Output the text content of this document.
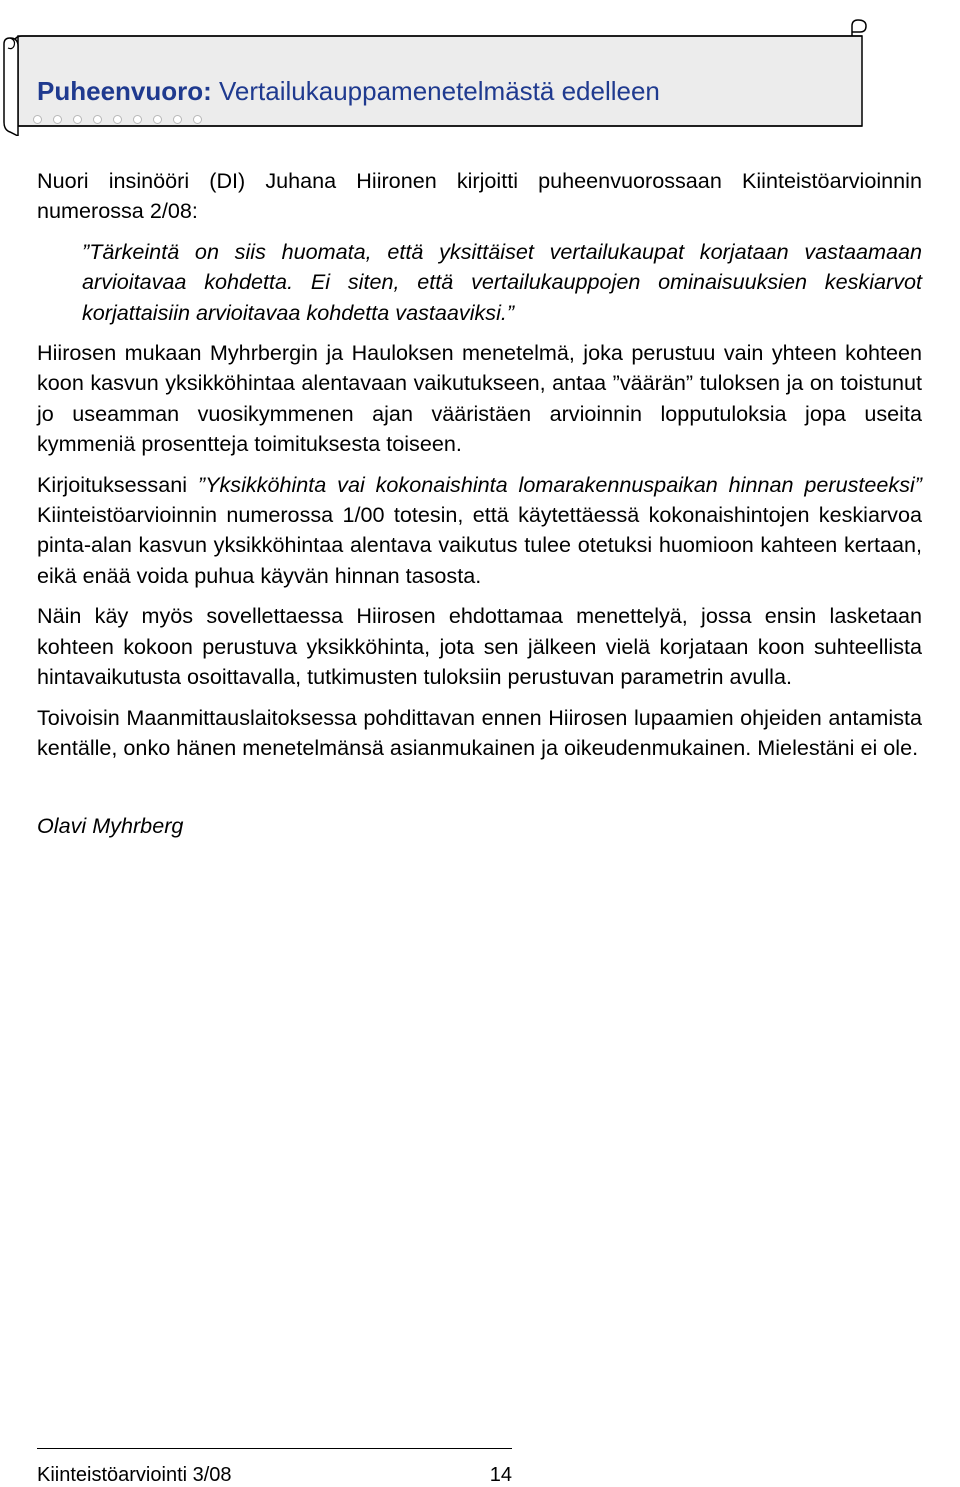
Puheenvuoro: Vertailukauppamenetelmästä edelleen

Nuori insinööri (DI) Juhana Hiironen kirjoitti puheenvuorossaan Kiinteistöarvioinnin numerossa 2/08:

”Tärkeintä on siis huomata, että yksittäiset vertailukaupat korjataan vastaamaan arvioitavaa kohdetta. Ei siten, että vertailukauppojen ominaisuuksien keskiarvot korjattaisiin arvioitavaa kohdetta vastaaviksi.”

Hiirosen mukaan Myhrbergin ja Hauloksen menetelmä, joka perustuu vain yhteen kohteen koon kasvun yksikköhintaa alentavaan vaikutukseen, antaa ”väärän” tuloksen ja on toistunut jo useamman vuosikymmenen ajan vääristäen arvioinnin lopputuloksia jopa useita kymmeniä prosentteja toimituksesta toiseen.

Kirjoituksessani ”Yksikköhinta vai kokonaishinta lomarakennuspaikan hinnan perusteeksi” Kiinteistöarvioinnin numerossa 1/00 totesin, että käytettäessä kokonaishintojen keskiarvoa pinta-alan kasvun yksikköhintaa alentava vaikutus tulee otetuksi huomioon kahteen kertaan, eikä enää voida puhua käyvän hinnan tasosta.

Näin käy myös sovellettaessa Hiirosen ehdottamaa menettelyä, jossa ensin lasketaan kohteen kokoon perustuva yksikköhinta, jota sen jälkeen vielä korjataan koon suhteellista hintavaikutusta osoittavalla, tutkimusten tuloksiin perustuvan parametrin avulla.

Toivoisin Maanmittauslaitoksessa pohdittavan ennen Hiirosen lupaamien ohjeiden antamista kentälle, onko hänen menetelmänsä asianmukainen ja oikeudenmukainen. Mielestäni ei ole.

Olavi Myhrberg

Kiinteistöarviointi 3/08	14
